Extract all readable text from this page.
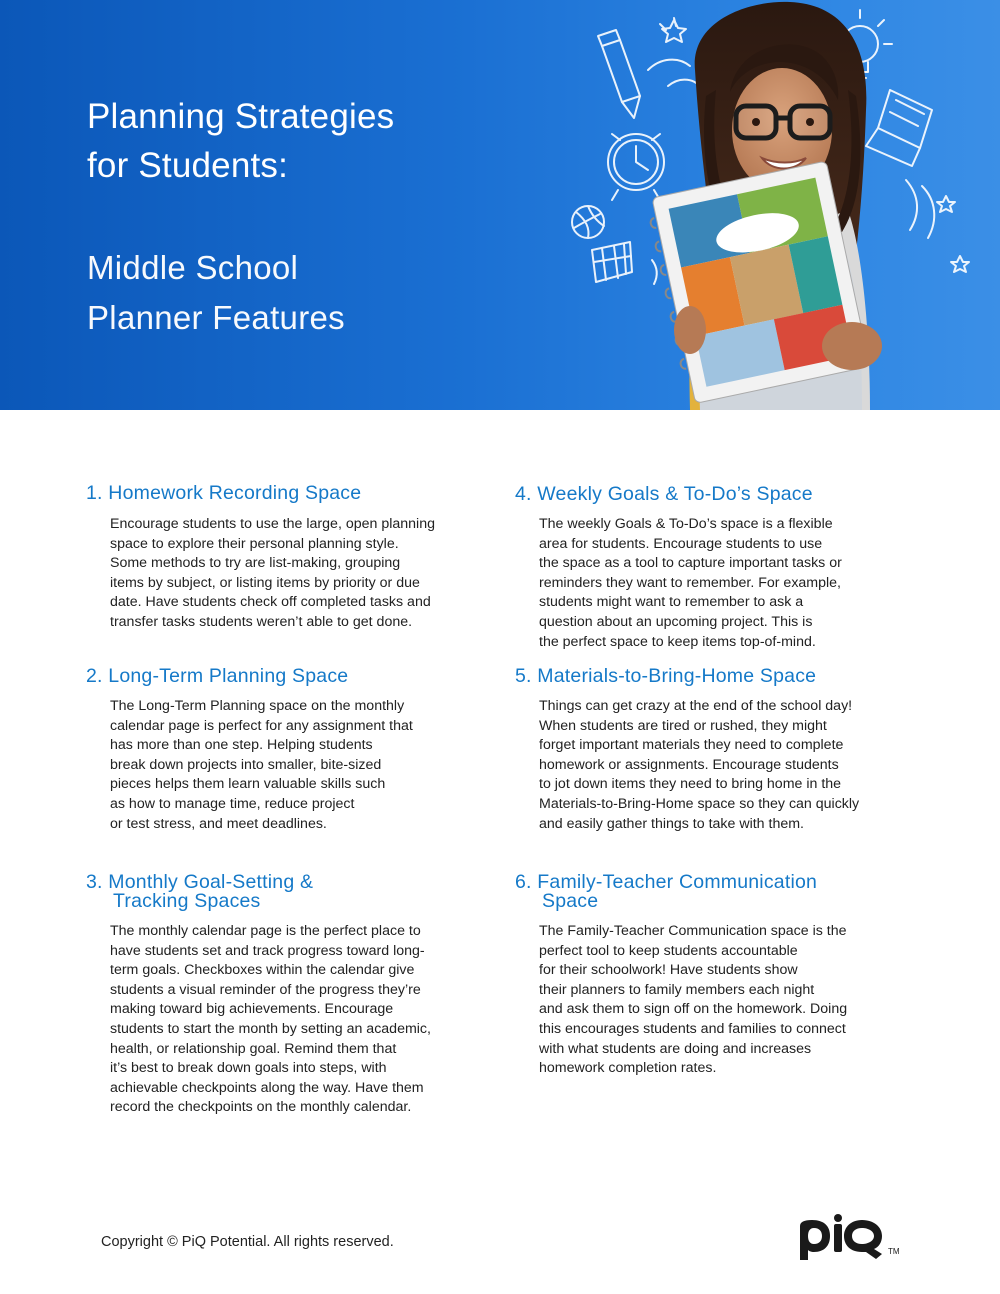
Planning Strategies
for Students:
Middle School
Planner Features
1. Homework Recording Space

Encourage students to use the large, open planning
space to explore their personal planning style.
Some methods to try are list-making, grouping
items by subject, or listing items by priority or due
date. Have students check off completed tasks and
transfer tasks students weren’t able to get done.

2. Long-Term Planning Space

The Long-Term Planning space on the monthly
calendar page is perfect for any assignment that
has more than one step. Helping students
break down projects into smaller, bite-sized
pieces helps them learn valuable skills such
as how to manage time, reduce project
or test stress, and meet deadlines.

3. Monthly Goal-Setting &
Tracking Spaces

The monthly calendar page is the perfect place to
have students set and track progress toward long-
term goals. Checkboxes within the calendar give
students a visual reminder of the progress they’re
making toward big achievements. Encourage
students to start the month by setting an academic,
health, or relationship goal. Remind them that
it’s best to break down goals into steps, with
achievable checkpoints along the way. Have them
record the checkpoints on the monthly calendar.

4. Weekly Goals & To-Do’s Space

The weekly Goals & To-Do’s space is a flexible
area for students. Encourage students to use
the space as a tool to capture important tasks or
reminders they want to remember. For example,
students might want to remember to ask a
question about an upcoming project. This is
the perfect space to keep items top-of-mind.

5. Materials-to-Bring-Home Space

Things can get crazy at the end of the school day!
When students are tired or rushed, they might
forget important materials they need to complete
homework or assignments. Encourage students
to jot down items they need to bring home in the
Materials-to-Bring-Home space so they can quickly
and easily gather things to take with them.

6. Family-Teacher Communication
Space

The Family-Teacher Communication space is the
perfect tool to keep students accountable
for their schoolwork! Have students show
their planners to family members each night
and ask them to sign off on the homework. Doing
this encourages students and families to connect
with what students are doing and increases
homework completion rates.

Copyright © PiQ Potential. All rights reserved.
TM
